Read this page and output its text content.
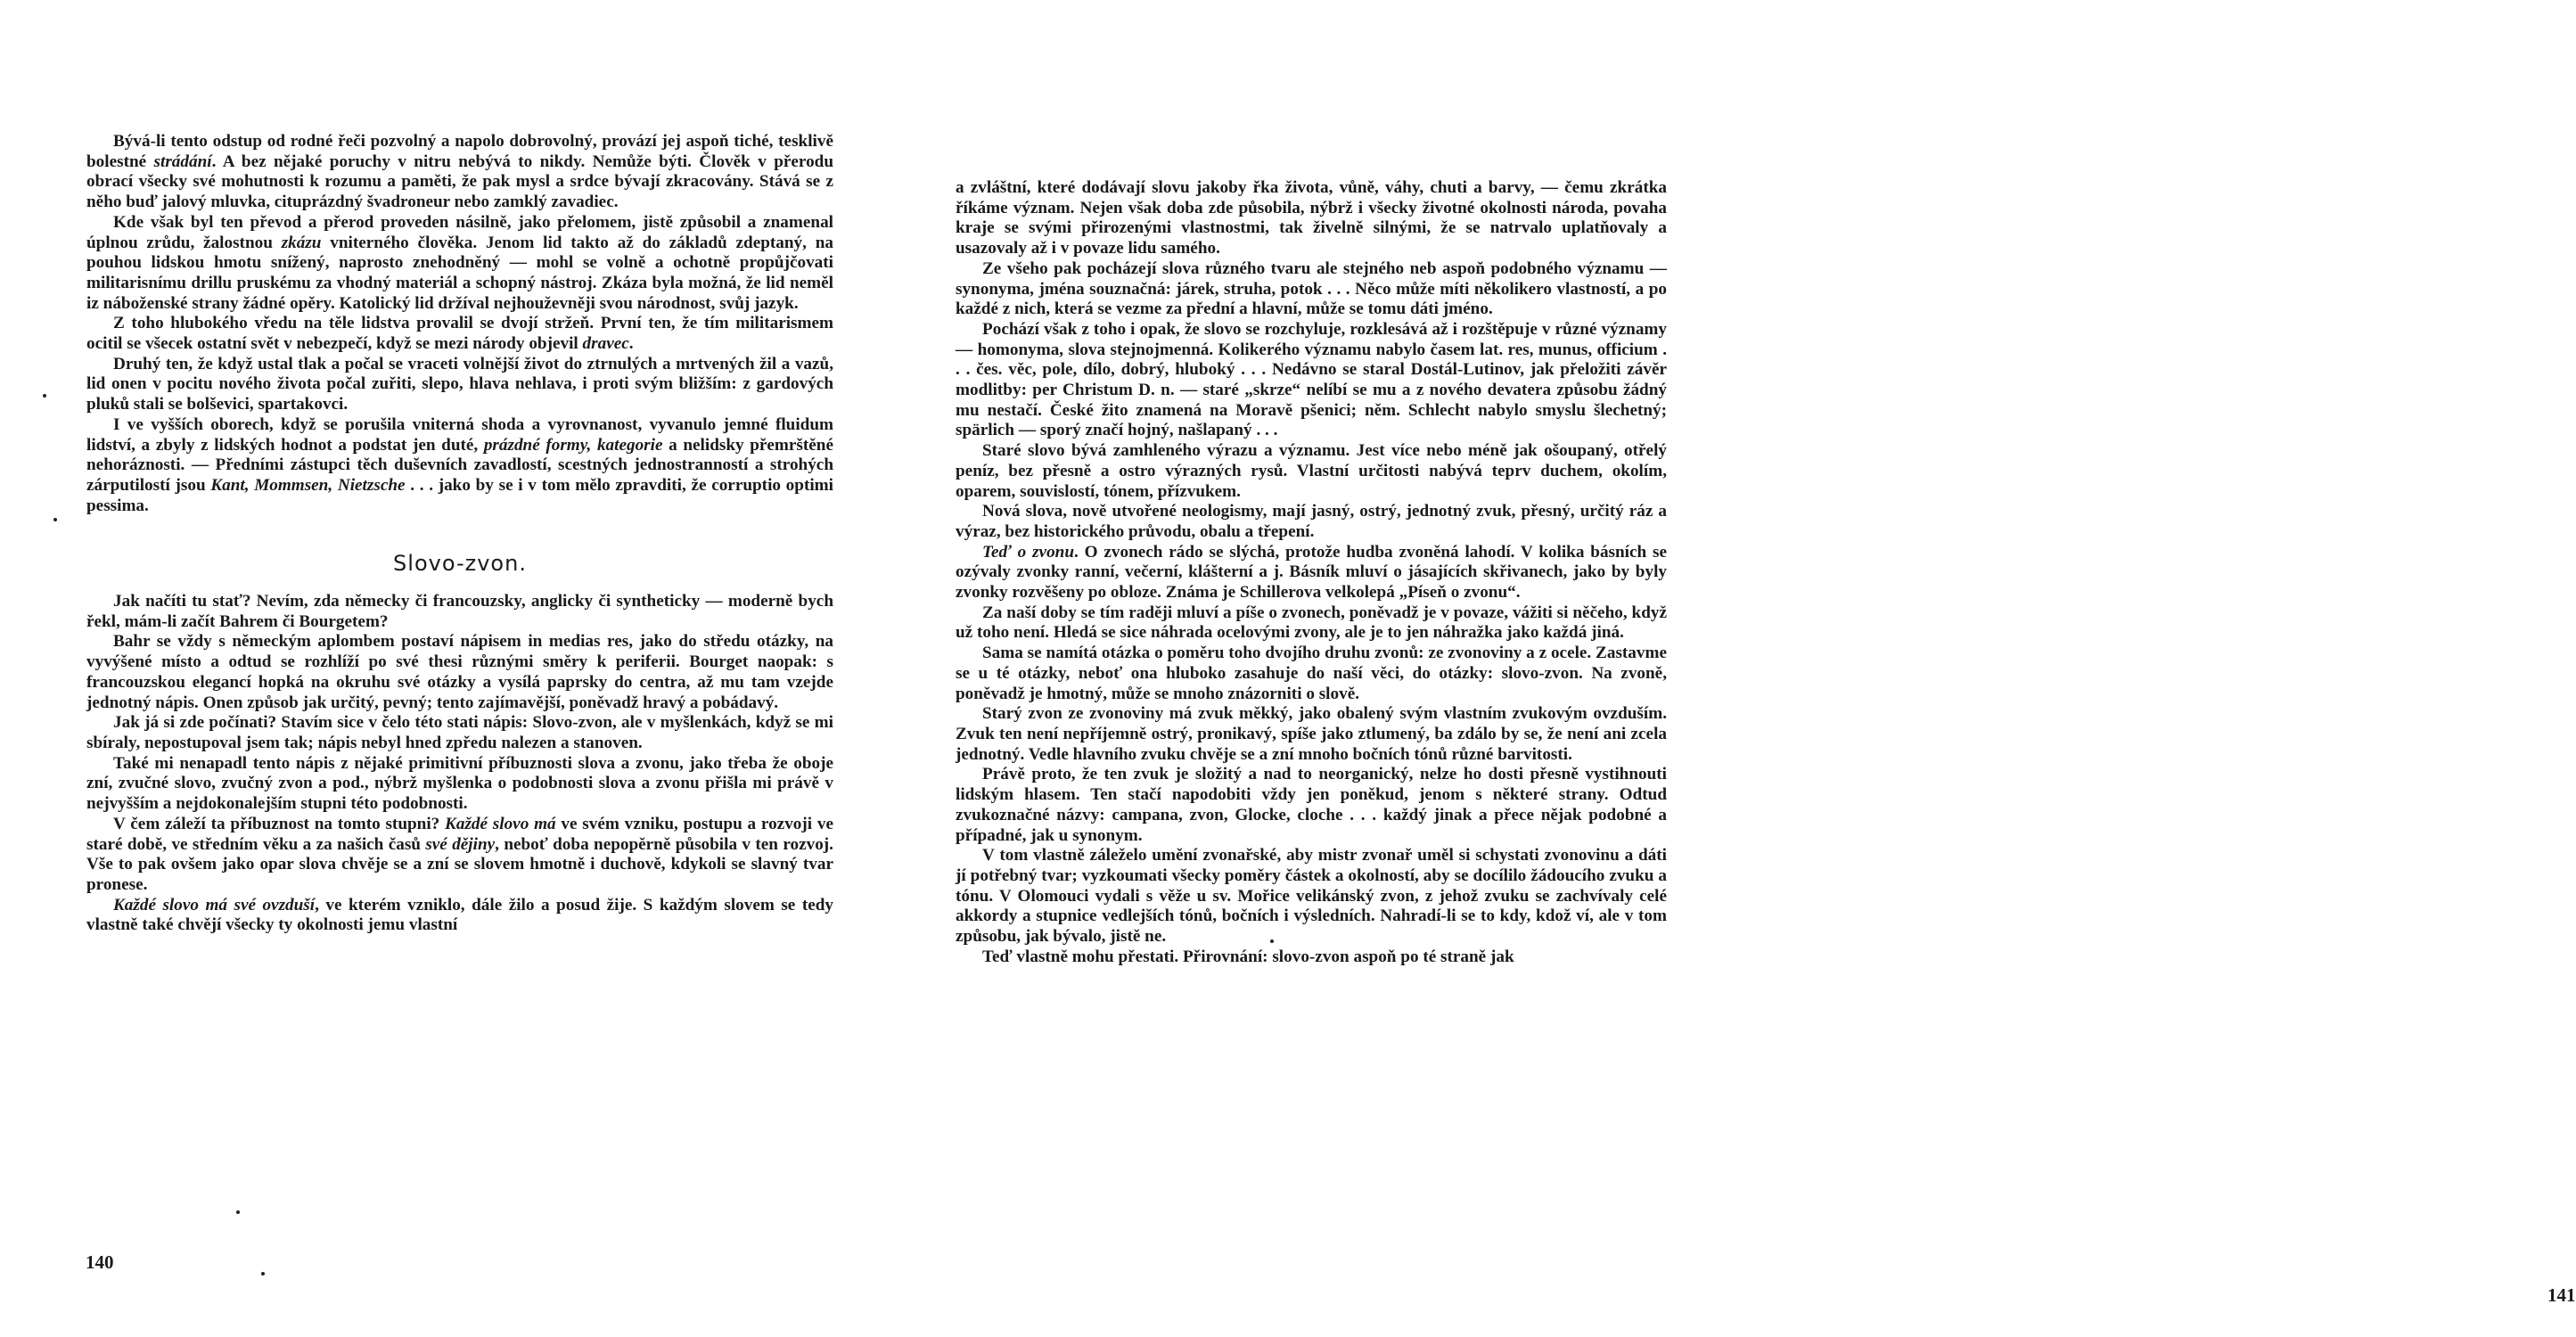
Bývá-li tento odstup od rodné řeči pozvolný a napolo dobrovolný, provází jej aspoň tiché, tesklivě bolestné strádání. A bez nějaké poruchy v nitru nebývá to nikdy. Nemůže býti. Člověk v přerodu obrací všecky své mohutnosti k rozumu a paměti, že pak mysl a srdce bývají zkracovány. Stává se z něho buď jalový mluvka, cituprázdný švadroneur nebo zamklý zavadiec.

Kde však byl ten převod a přerod proveden násilně, jako přelomem, jistě způsobil a znamenal úplnou zrůdu, žalostnou zkázu vniterného člověka. Jenom lid takto až do základů zdeptaný, na pouhou lidskou hmotu snížený, naprosto znehodněný — mohl se volně a ochotně propůjčovati militarisnímu drillu pruskému za vhodný materiál a schopný nástroj. Zkáza byla možná, že lid neměl iz náboženské strany žádné opěry. Katolický lid držíval nejhouževněji svou národnost, svůj jazyk.

Z toho hlubokého vředu na těle lidstva provalil se dvojí stržeň. První ten, že tím militarismem ocitil se všecek ostatní svět v nebezpečí, když se mezi národy objevil dravec.

Druhý ten, že když ustal tlak a počal se vraceti volnější život do ztrnulých a mrtvených žil a vazů, lid onen v pocitu nového života počal zuřiti, slepo, hlava nehlava, i proti svým bližším: z gardových pluků stali se bolševici, spartakovci.

I ve vyšších oborech, když se porušila vniterná shoda a vyrovnanost, vyvanulo jemné fluidum lidství, a zbyly z lidských hodnot a podstat jen duté, prázdné formy, kategorie a nelidsky přemrštěné nehoráznosti. — Předními zástupci těch duševních zavadlostí, scestných jednostranností a strohých zárputilostí jsou Kant, Mommsen, Nietzsche . . . jako by se i v tom mělo zpravditi, že corruptio optimi pessima.

Slovo-zvon.

Jak načíti tu stať? Nevím, zda německy či francouzsky, anglicky či syntheticky — moderně bych řekl, mám-li začít Bahrem či Bourgetem?

Bahr se vždy s německým aplombem postaví nápisem in medias res, jako do středu otázky, na vyvýšené místo a odtud se rozhlíží po své thesi různými směry k periferii. Bourget naopak: s francouzskou elegancí hopká na okruhu své otázky a vysílá paprsky do centra, až mu tam vzejde jednotný nápis. Onen způsob jak určitý, pevný; tento zajímavější, poněvadž hravý a pobádavý.

Jak já si zde počínati? Stavím sice v čelo této stati nápis: Slovo-zvon, ale v myšlenkách, když se mi sbíraly, nepostupoval jsem tak; nápis nebyl hned zpředu nalezen a stanoven.

Také mi nenapadl tento nápis z nějaké primitivní příbuznosti slova a zvonu, jako třeba že oboje zní, zvučné slovo, zvučný zvon a pod., nýbrž myšlenka o podobnosti slova a zvonu přišla mi právě v nejvyšším a nejdokonalejším stupni této podobnosti.

V čem záleží ta příbuznost na tomto stupni? Každé slovo má ve svém vzniku, postupu a rozvoji ve staré době, ve středním věku a za našich časů své dějiny, neboť doba nepopěrně působila v ten rozvoj. Vše to pak ovšem jako opar slova chvěje se a zní se slovem hmotně i duchově, kdykoli se slavný tvar pronese.

Každé slovo má své ovzduší, ve kterém vzniklo, dále žilo a posud žije. S každým slovem se tedy vlastně také chvějí všecky ty okolnosti jemu vlastní

140

a zvláštní, které dodávají slovu jakoby řka života, vůně, váhy, chuti a barvy, — čemu zkrátka říkáme význam. Nejen však doba zde působila, nýbrž i všecky životné okolnosti národa, povaha kraje se svými přirozenými vlastnostmi, tak živelně silnými, že se natrvalo uplatňovaly a usazovaly až i v povaze lidu samého.

Ze všeho pak pocházejí slova různého tvaru ale stejného neb aspoň podobného významu — synonyma, jména souznačná: járek, struha, potok . . . Něco může míti několikero vlastností, a po každé z nich, která se vezme za přední a hlavní, může se tomu dáti jméno.

Pochází však z toho i opak, že slovo se rozchyluje, rozklesává až i rozštěpuje v různé významy — homonyma, slova stejnojmenná. Kolikerého významu nabylo časem lat. res, munus, officium . . . čes. věc, pole, dílo, dobrý, hluboký . . . Nedávno se staral Dostál-Lutinov, jak přeložiti závěr modlitby: per Christum D. n. — staré „skrze“ nelíbí se mu a z nového devatera způsobu žádný mu nestačí. České žito znamená na Moravě pšenici; něm. Schlecht nabylo smyslu šlechetný; spärlich — sporý značí hojný, našlapaný . . .

Staré slovo bývá zamhleného výrazu a významu. Jest více nebo méně jak ošoupaný, otřelý peníz, bez přesně a ostro výrazných rysů. Vlastní určitosti nabývá teprv duchem, okolím, oparem, souvislostí, tónem, přízvukem.

Nová slova, nově utvořené neologismy, mají jasný, ostrý, jednotný zvuk, přesný, určitý ráz a výraz, bez historického průvodu, obalu a třepení.

Teď o zvonu. O zvonech rádo se slýchá, protože hudba zvoněná lahodí. V kolika básních se ozývaly zvonky ranní, večerní, klášterní a j. Básník mluví o jásajících skřivanech, jako by byly zvonky rozvěšeny po obloze. Známa je Schillerova velkolepá „Píseň o zvonu“.

Za naší doby se tím raději mluví a píše o zvonech, poněvadž je v povaze, vážiti si něčeho, když už toho není. Hledá se sice náhrada ocelovými zvony, ale je to jen náhražka jako každá jiná.

Sama se namítá otázka o poměru toho dvojího druhu zvonů: ze zvonoviny a z ocele. Zastavme se u té otázky, neboť ona hluboko zasahuje do naší věci, do otázky: slovo-zvon. Na zvoně, poněvadž je hmotný, může se mnoho znázorniti o slově.

Starý zvon ze zvonoviny má zvuk měkký, jako obalený svým vlastním zvukovým ovzduším. Zvuk ten není nepříjemně ostrý, pronikavý, spíše jako ztlumený, ba zdálo by se, že není ani zcela jednotný. Vedle hlavního zvuku chvěje se a zní mnoho bočních tónů různé barvitosti.

Právě proto, že ten zvuk je složitý a nad to neorganický, nelze ho dosti přesně vystihnouti lidským hlasem. Ten stačí napodobiti vždy jen poněkud, jenom s některé strany. Odtud zvukoznačné názvy: campana, zvon, Glocke, cloche . . . každý jinak a přece nějak podobné a případné, jak u synonym.

V tom vlastně záleželo umění zvonařské, aby mistr zvonař uměl si schystati zvonovinu a dáti jí potřebný tvar; vyzkoumati všecky poměry částek a okolností, aby se docílilo žádoucího zvuku a tónu. V Olomouci vydali s věže u sv. Mořice velikánský zvon, z jehož zvuku se zachvívaly celé akkordy a stupnice vedlejších tónů, bočních i výsledních. Nahradí-li se to kdy, kdož ví, ale v tom způsobu, jak bývalo, jistě ne.

Teď vlastně mohu přestati. Přirovnání: slovo-zvon aspoň po té straně jak

141
